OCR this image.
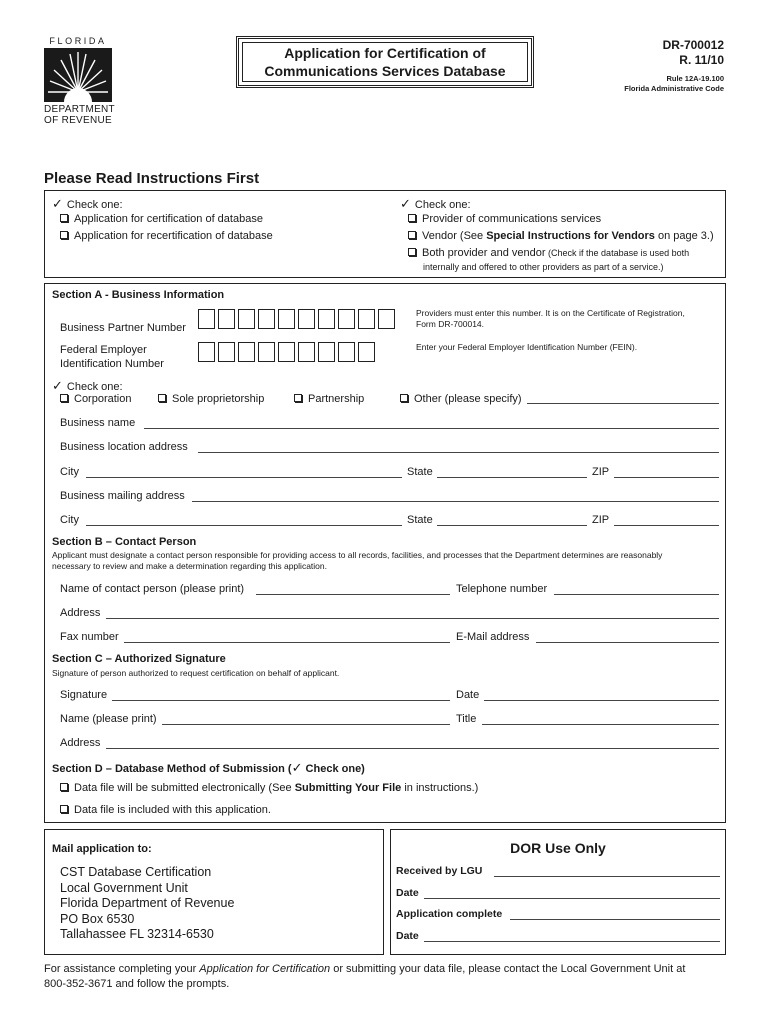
FLORIDA
DEPARTMENT
OF REVENUE
Application for Certification of
Communications Services Database
DR-700012
R. 11/10
Rule 12A-19.100
Florida Administrative Code
Please Read Instructions First
✓ Check one:
Application for certification of database
Application for recertification of database
✓ Check one:
Provider of communications services
Vendor (See Special Instructions for Vendors on page 3.)
Both provider and vendor (Check if the database is used both
internally and offered to other providers as part of a service.)
Section A - Business Information
Business Partner Number
Providers must enter this number. It is on the Certificate of Registration,
Form DR-700014.
Federal Employer
Identification Number
Enter your Federal Employer Identification Number (FEIN).
✓ Check one:
Corporation	Sole proprietorship	Partnership	Other (please specify)
Business name
Business location address
City	State	ZIP
Business mailing address
City	State	ZIP
Section B – Contact Person
Applicant must designate a contact person responsible for providing access to all records, facilities, and processes that the Department determines are reasonably
necessary to review and make a determination regarding this application.
Name of contact person (please print)	Telephone number
Address
Fax number	E-Mail address
Section C – Authorized Signature
Signature of person authorized to request certification on behalf of applicant.
Signature	Date
Name (please print)	Title
Address
Section D – Database Method of Submission (✓ Check one)
Data file will be submitted electronically (See Submitting Your File in instructions.)
Data file is included with this application.
Mail application to:
CST Database Certification
Local Government Unit
Florida Department of Revenue
PO Box 6530
Tallahassee FL 32314-6530
DOR Use Only
Received by LGU
Date
Application complete
Date
For assistance completing your Application for Certification or submitting your data file, please contact the Local Government Unit at
800-352-3671 and follow the prompts.
